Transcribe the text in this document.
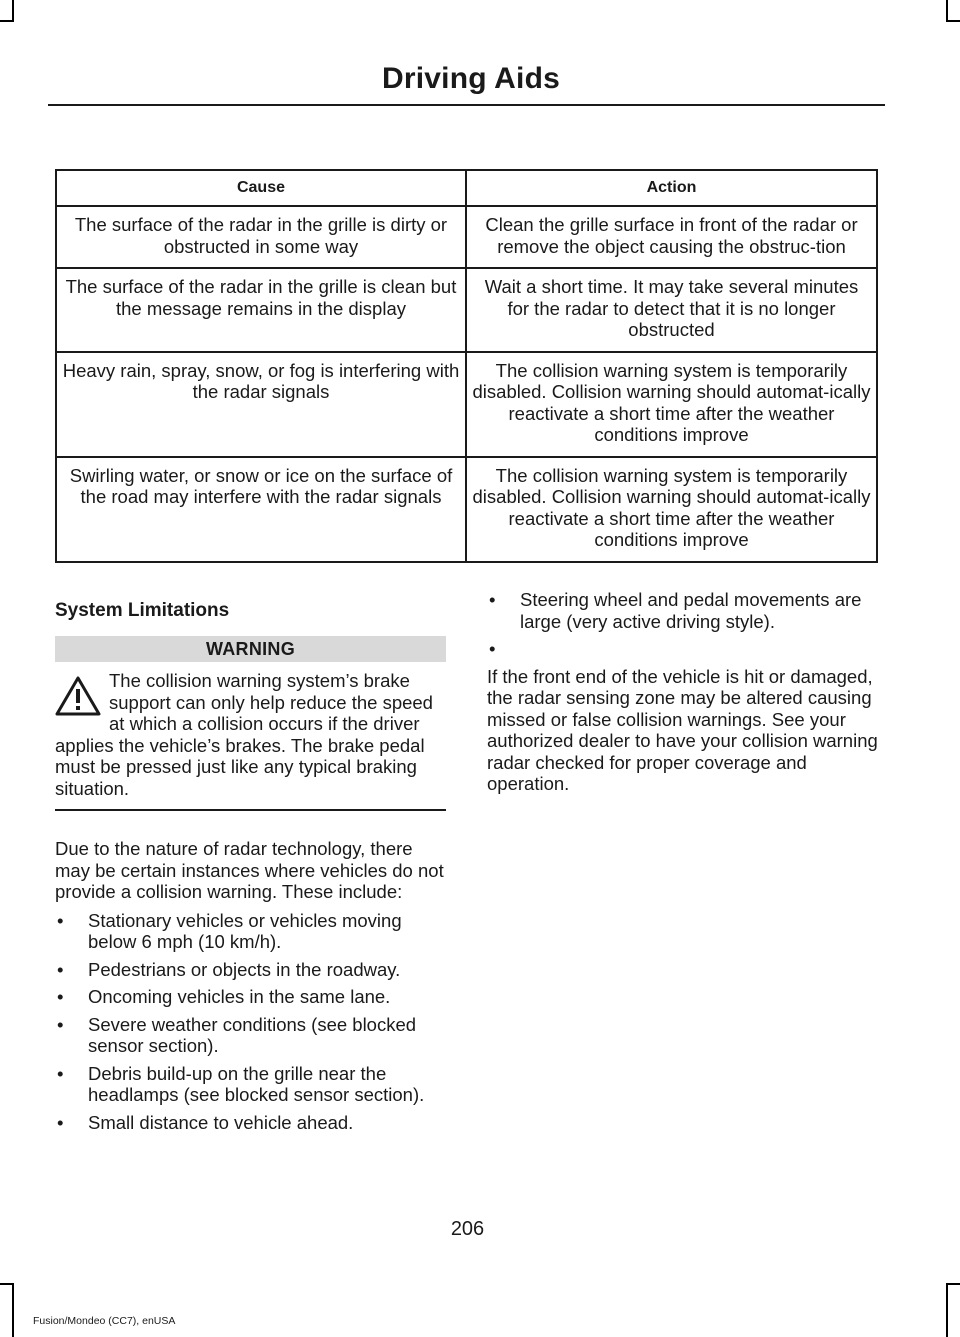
Driving Aids
Cause	Action
The surface of the radar in the grille is dirty or obstructed in some way	Clean the grille surface in front of the radar or remove the object causing the obstruc-tion
The surface of the radar in the grille is clean but the message remains in the display	Wait a short time. It may take several minutes for the radar to detect that it is no longer obstructed
Heavy rain, spray, snow, or fog is interfering with the radar signals	The collision warning system is temporarily disabled. Collision warning should automat-ically reactivate a short time after the weather conditions improve
Swirling water, or snow or ice on the surface of the road may interfere with the radar signals	The collision warning system is temporarily disabled. Collision warning should automat-ically reactivate a short time after the weather conditions improve
System Limitations
WARNING
The collision warning system’s brake support can only help reduce the speed at which a collision occurs if the driver applies the vehicle’s brakes. The brake pedal must be pressed just like any typical braking situation.

Due to the nature of radar technology, there may be certain instances where vehicles do not provide a collision warning. These include:

• Stationary vehicles or vehicles moving below 6 mph (10 km/h).
• Pedestrians or objects in the roadway.
• Oncoming vehicles in the same lane.
• Severe weather conditions (see blocked sensor section).
• Debris build-up on the grille near the headlamps (see blocked sensor section).
• Small distance to vehicle ahead.
• Steering wheel and pedal movements are large (very active driving style).
•

If the front end of the vehicle is hit or damaged, the radar sensing zone may be altered causing missed or false collision warnings. See your authorized dealer to have your collision warning radar checked for proper coverage and operation.

206
Fusion/Mondeo (CC7), enUSA
